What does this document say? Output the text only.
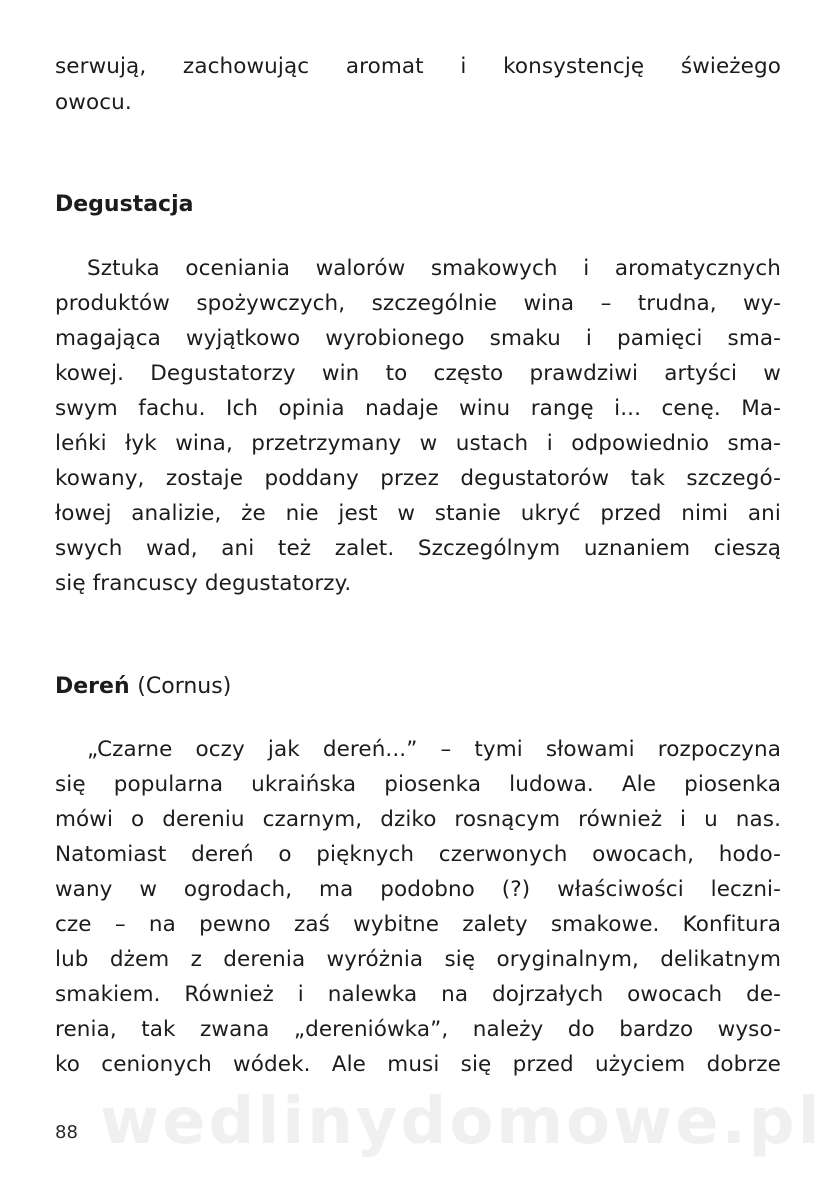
serwują, zachowując aromat i konsystencję świeżego

owocu.

Degustacja

Sztuka oceniania walorów smakowych i aromatycznych

produktów spożywczych, szczególnie wina – trudna, wy-

magająca wyjątkowo wyrobionego smaku i pamięci sma-

kowej. Degustatorzy win to często prawdziwi artyści w

swym fachu. Ich opinia nadaje winu rangę i... cenę. Ma-

leńki łyk wina, przetrzymany w ustach i odpowiednio sma-

kowany, zostaje poddany przez degustatorów tak szczegó-

łowej analizie, że nie jest w stanie ukryć przed nimi ani

swych wad, ani też zalet. Szczególnym uznaniem cieszą

się francuscy degustatorzy.

Dereń (Cornus)

„Czarne oczy jak dereń...” – tymi słowami rozpoczyna

się popularna ukraińska piosenka ludowa. Ale piosenka

mówi o dereniu czarnym, dziko rosnącym również i u nas.

Natomiast dereń o pięknych czerwonych owocach, hodo-

wany w ogrodach, ma podobno (?) właściwości leczni-

cze – na pewno zaś wybitne zalety smakowe. Konfitura

lub dżem z derenia wyróżnia się oryginalnym, delikatnym

smakiem. Również i nalewka na dojrzałych owocach de-

renia, tak zwana „dereniówka”, należy do bardzo wyso-

ko cenionych wódek. Ale musi się przed użyciem dobrze

wedlinydomowe.pl
88
